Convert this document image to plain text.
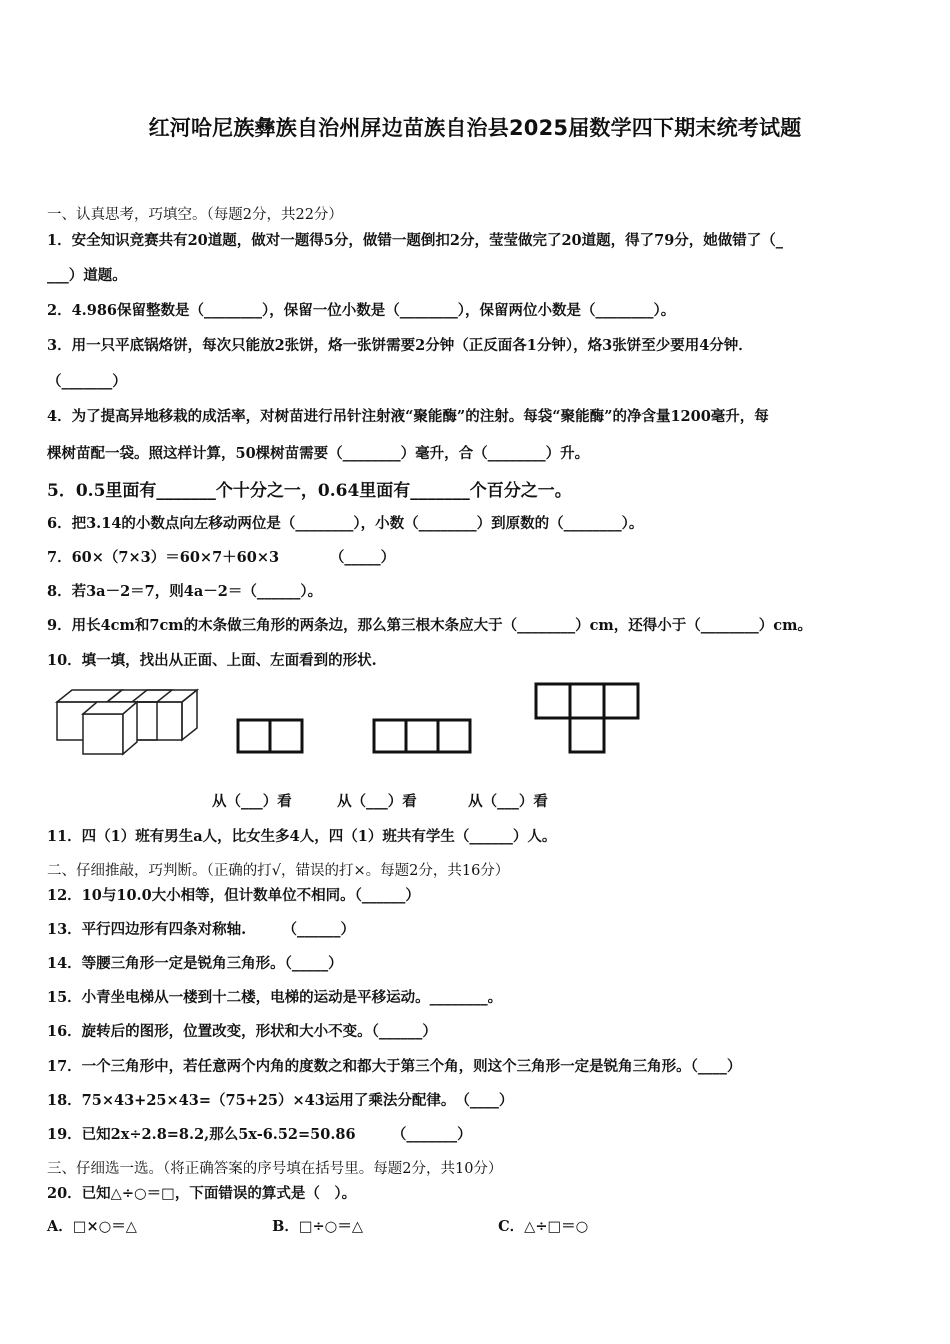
红河哈尼族彝族自治州屏边苗族自治县2025届数学四下期末统考试题
一、认真思考，巧填空。（每题2分，共22分）
1．安全知识竞赛共有20道题，做对一题得5分，做错一题倒扣2分，莹莹做完了20道题，得了79分，她做错了（_
___）道题。
2．4.986保留整数是（________），保留一位小数是（________），保留两位小数是（________）。
3．用一只平底锅烙饼，每次只能放2张饼，烙一张饼需要2分钟（正反面各1分钟），烙3张饼至少要用4分钟．
（_______）
4．为了提高异地移栽的成活率，对树苗进行吊针注射液“聚能酶”的注射。每袋“聚能酶”的净含量1200毫升，每
棵树苗配一袋。照这样计算，50棵树苗需要（________）毫升，合（________）升。
5．0.5里面有_______个十分之一，0.64里面有_______个百分之一。
6．把3.14的小数点向左移动两位是（________），小数（________）到原数的（________）。
7．60×（7×3）＝60×7＋60×3　　　　（_____）
8．若3a－2＝7，则4a－2＝（______）。
9．用长4cm和7cm的木条做三角形的两条边，那么第三根木条应大于（________）cm，还得小于（________）cm。
10．填一填，找出从正面、上面、左面看到的形状.
从（___）看	从（___）看	从（___）看
11．四（1）班有男生a人，比女生多4人，四（1）班共有学生（______）人。
二、仔细推敲，巧判断。（正确的打√，错误的打×。每题2分，共16分）
12．10与10.0大小相等，但计数单位不相同。（______）
13．平行四边形有四条对称轴.　　　（______）
14．等腰三角形一定是锐角三角形。（_____）
15．小青坐电梯从一楼到十二楼，电梯的运动是平移运动。________。
16．旋转后的图形，位置改变，形状和大小不变。（______）
17．一个三角形中，若任意两个内角的度数之和都大于第三个角，则这个三角形一定是锐角三角形。（____）
18．75×43+25×43=（75+25）×43运用了乘法分配律。　（____）
19．已知2x÷2.8=8.2,那么5x-6.52=50.86　　　（_______）
三、仔细选一选。（将正确答案的序号填在括号里。每题2分，共10分）
20．已知△÷○＝□，下面错误的算式是（　）。
A．□×○＝△	B．□÷○＝△	C．△÷□＝○
